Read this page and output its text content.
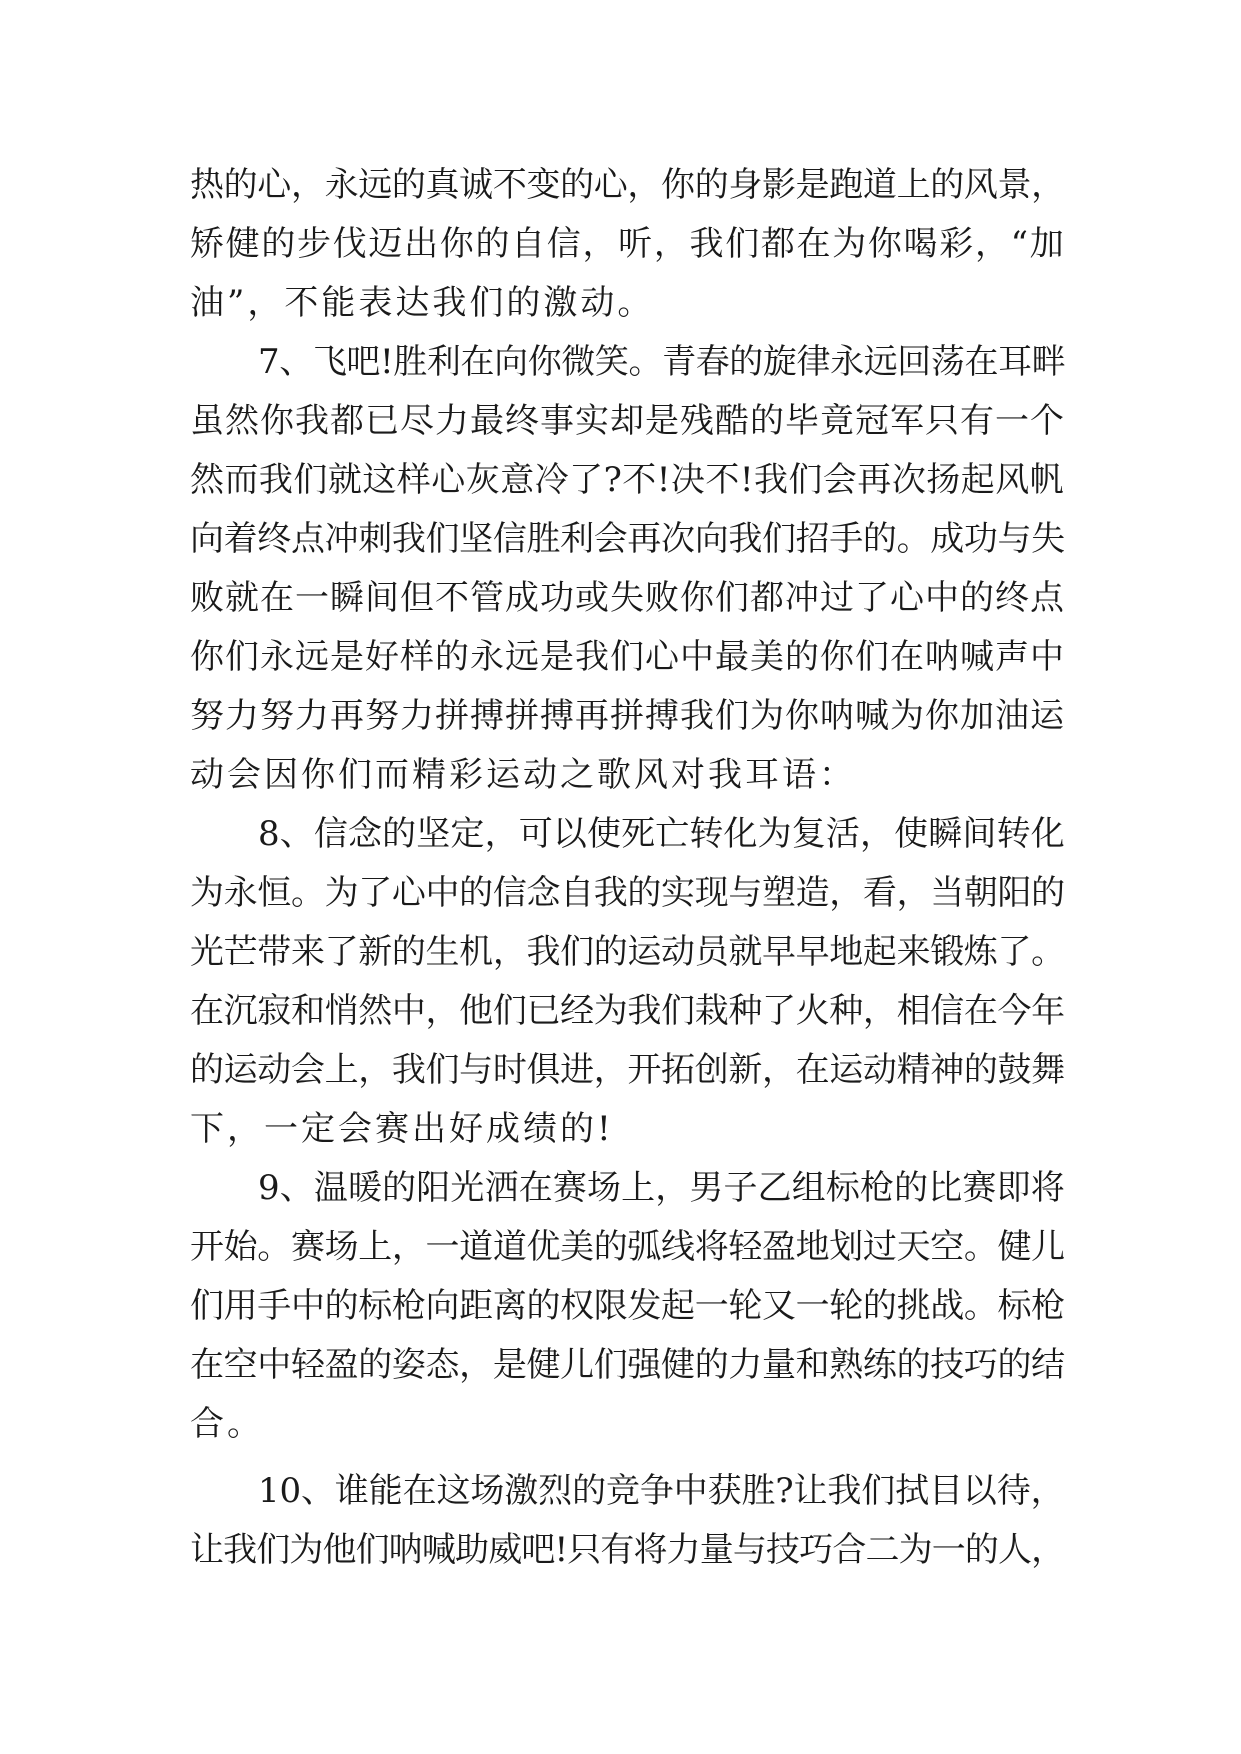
热的心，永远的真诚不变的心，你的身影是跑道上的风景，
矫健的步伐迈出你的自信，听，我们都在为你喝彩，“加
油”，不能表达我们的激动。

7、飞吧!胜利在向你微笑。青春的旋律永远回荡在耳畔
虽然你我都已尽力最终事实却是残酷的毕竟冠军只有一个
然而我们就这样心灰意冷了?不!决不!我们会再次扬起风帆
向着终点冲刺我们坚信胜利会再次向我们招手的。成功与失
败就在一瞬间但不管成功或失败你们都冲过了心中的终点
你们永远是好样的永远是我们心中最美的你们在呐喊声中
努力努力再努力拼搏拼搏再拼搏我们为你呐喊为你加油运
动会因你们而精彩运动之歌风对我耳语：

8、信念的坚定，可以使死亡转化为复活，使瞬间转化
为永恒。为了心中的信念自我的实现与塑造，看，当朝阳的
光芒带来了新的生机，我们的运动员就早早地起来锻炼了。
在沉寂和悄然中，他们已经为我们栽种了火种，相信在今年
的运动会上，我们与时俱进，开拓创新，在运动精神的鼓舞
下，一定会赛出好成绩的!

9、温暖的阳光洒在赛场上，男子乙组标枪的比赛即将
开始。赛场上，一道道优美的弧线将轻盈地划过天空。健儿
们用手中的标枪向距离的权限发起一轮又一轮的挑战。标枪
在空中轻盈的姿态，是健儿们强健的力量和熟练的技巧的结
合。

10、谁能在这场激烈的竞争中获胜?让我们拭目以待，
让我们为他们呐喊助威吧!只有将力量与技巧合二为一的人，
